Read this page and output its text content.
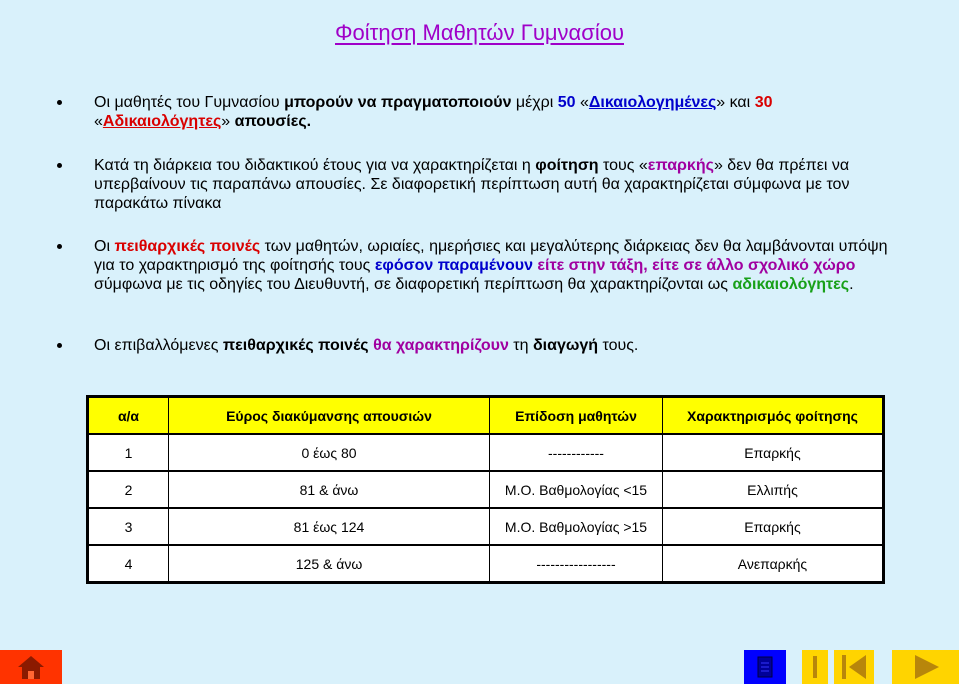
Φοίτηση Μαθητών Γυμνασίου
Οι μαθητές του Γυμνασίου μπορούν να πραγματοποιούν μέχρι 50 «Δικαιολογημένες» και 30 «Αδικαιολόγητες» απουσίες.
Κατά τη διάρκεια του διδακτικού έτους για να χαρακτηρίζεται η φοίτηση τους «επαρκής» δεν θα πρέπει να υπερβαίνουν τις παραπάνω απουσίες. Σε διαφορετική περίπτωση αυτή θα χαρακτηρίζεται σύμφωνα με τον παρακάτω πίνακα
Οι πειθαρχικές ποινές των μαθητών, ωριαίες, ημερήσιες και μεγαλύτερης διάρκειας δεν θα λαμβάνονται υπόψη για το χαρακτηρισμό της φοίτησής τους εφόσον παραμένουν είτε στην τάξη, είτε σε άλλο σχολικό χώρο σύμφωνα με τις οδηγίες του Διευθυντή, σε διαφορετική περίπτωση θα χαρακτηρίζονται ως αδικαιολόγητες.
Οι επιβαλλόμενες πειθαρχικές ποινές θα χαρακτηρίζουν τη διαγωγή τους.
α/α	Εύρος διακύμανσης απουσιών	Επίδοση μαθητών	Χαρακτηρισμός φοίτησης
1	0 έως 80	------------	Επαρκής
2	81 & άνω	Μ.Ο. Βαθμολογίας <15	Ελλιπής
3	81 έως 124	Μ.Ο. Βαθμολογίας >15	Επαρκής
4	125 & άνω	-----------------	Ανεπαρκής
